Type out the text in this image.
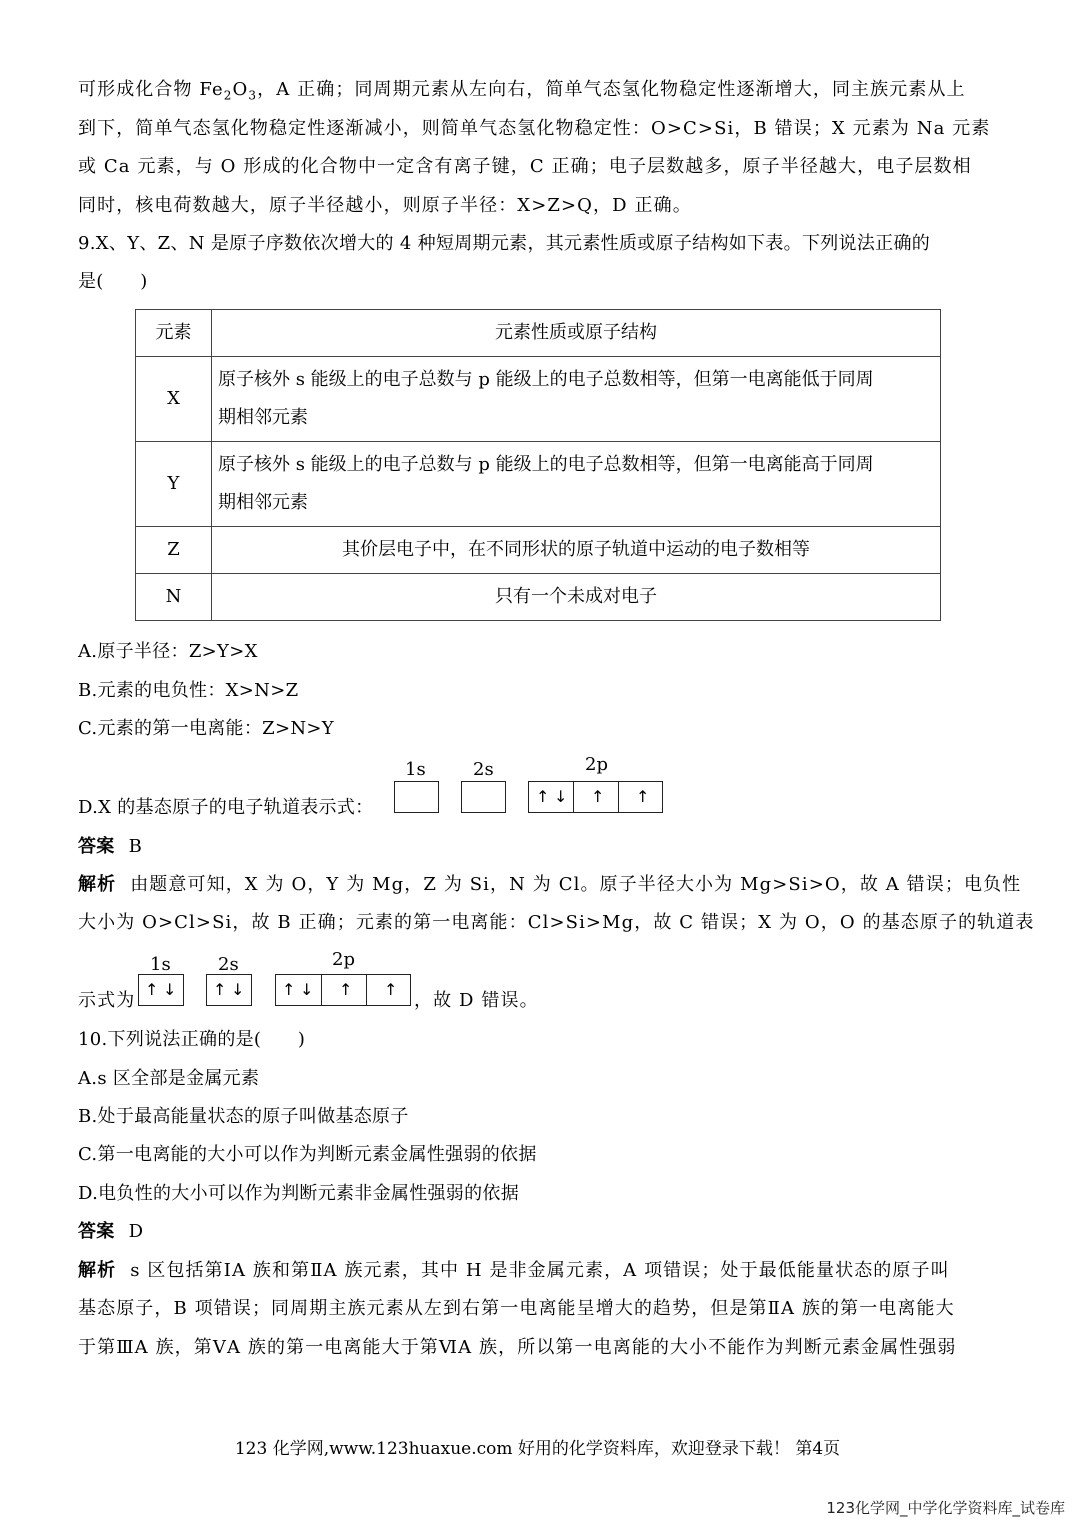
可形成化合物 $Fe_2O_3$，A 正确；同周期元素从左向右，简单气态氢化物稳定性逐渐增大，同主族元素从上
到下，简单气态氢化物稳定性逐渐减小，则简单气态氢化物稳定性：O>C>Si，B 错误；X 元素为 Na 元素
或 Ca 元素，与 O 形成的化合物中一定含有离子键，C 正确；电子层数越多，原子半径越大，电子层数相
同时，核电荷数越大，原子半径越小，则原子半径：X>Z>Q，D 正确。
9.X、Y、Z、N 是原子序数依次增大的 4 种短周期元素，其元素性质或原子结构如下表。下列说法正确的
是(　　)
元素	元素性质或原子结构
X	原子核外 s 能级上的电子总数与 p 能级上的电子总数相等，但第一电离能低于同周
期相邻元素

Y	原子核外 s 能级上的电子总数与 p 能级上的电子总数相等，但第一电离能高于同周
期相邻元素

Z	其价层电子中，在不同形状的原子轨道中运动的电子数相等
N	只有一个未成对电子
A.原子半径：Z>Y>X
B.元素的电负性：X>N>Z
C.元素的第一电离能：Z>N>Y
D.X 的基态原子的电子轨道表示式：
1s	2s	2p
↑ ↓ ↑ ↑
答案 B
解析 由题意可知，X 为 O，Y 为 Mg，Z 为 Si，N 为 Cl。原子半径大小为 Mg>Si>O，故 A 错误；电负性
大小为 O>Cl>Si，故 B 正确；元素的第一电离能：Cl>Si>Mg，故 C 错误；X 为 O，O 的基态原子的轨道表
示式为
1s	2s	2p
↑ ↓ ↑ ↓ ↑ ↓ ↑ ↑
，故 D 错误。
10.下列说法正确的是(　　)
A.s 区全部是金属元素
B.处于最高能量状态的原子叫做基态原子
C.第一电离能的大小可以作为判断元素金属性强弱的依据
D.电负性的大小可以作为判断元素非金属性强弱的依据
答案 D
解析 s 区包括第ⅠA 族和第ⅡA 族元素，其中 H 是非金属元素，A 项错误；处于最低能量状态的原子叫
基态原子，B 项错误；同周期主族元素从左到右第一电离能呈增大的趋势，但是第ⅡA 族的第一电离能大
于第ⅢA 族，第ⅤA 族的第一电离能大于第ⅥA 族，所以第一电离能的大小不能作为判断元素金属性强弱
123 化学网,www.123huaxue.com 好用的化学资料库，欢迎登录下载！ 第4页
123化学网_中学化学资料库_试卷库
